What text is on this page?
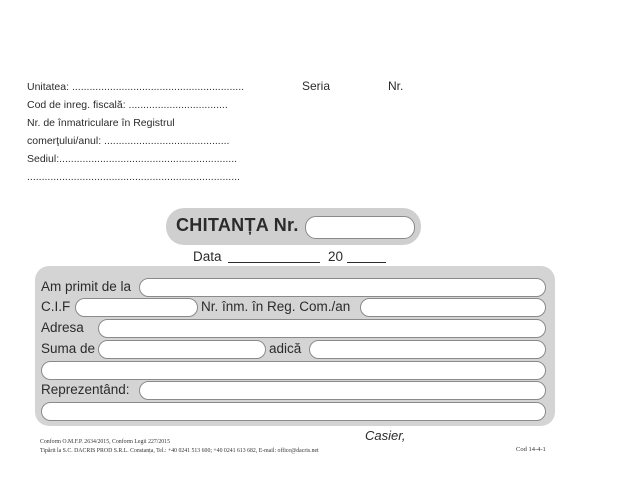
Unitatea: ...........................................................
Cod de inreg. fiscală: ..................................
Nr. de înmatriculare în Registrul
comerţului/anul: ...........................................
Sediul:.............................................................
.........................................................................
Seria	Nr.
CHITANȚA Nr.
Data	20
Am primit de la
C.I.F	Nr. înm. în Reg. Com./an
Adresa
Suma de	adică
Reprezentând:
Conform O.M.F.P. 2634/2015, Conform Legii 227/2015
Tipărit la S.C. DACRIS PROD S.R.L. Constanța, Tel.: +40 0241 513 600; +40 0241 613 682, E-mail: office@dacris.net
Casier,
Cod 14-4-1
